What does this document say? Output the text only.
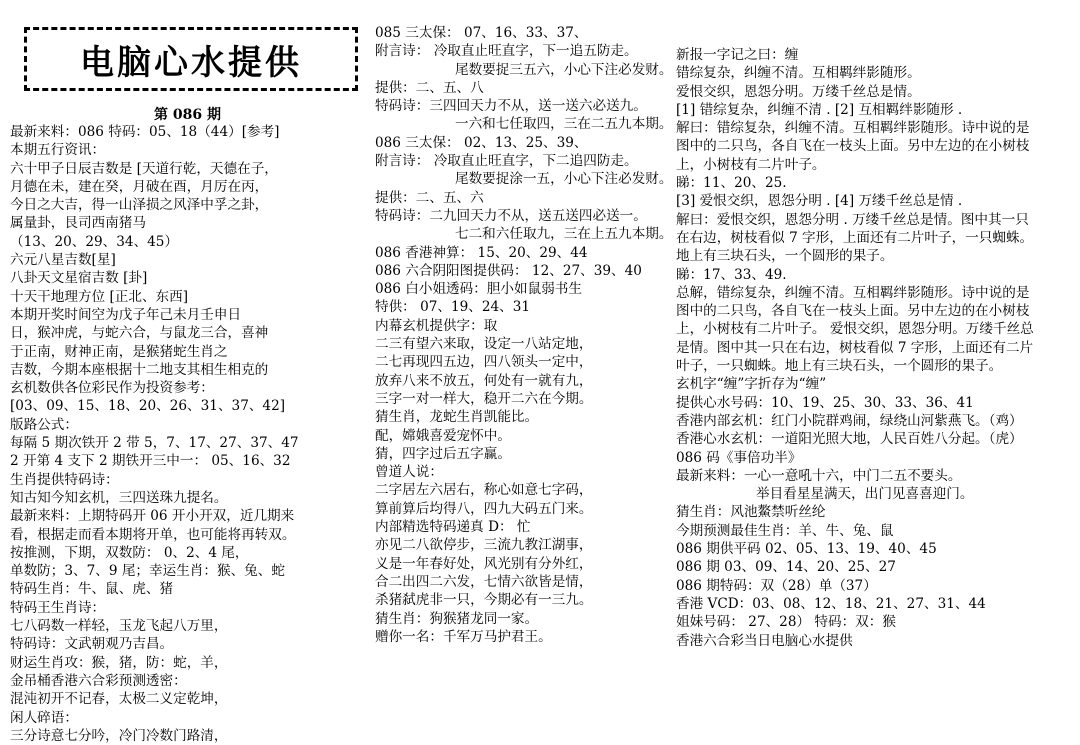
电脑心水提供
第 086 期
最新来料：086 特码：05、18（44）[参考]
本期五行资讯：
六十甲子日辰吉数是 [天道行乾，天德在子，
月德在未，建在癸，月破在酉，月厉在丙，
今日之大吉，得一山泽损之风泽中孚之卦，
属量卦，艮司西南猪马
（13、20、29、34、45）
六元八星吉数[星]
八卦天文星宿吉数 [卦]
十天干地理方位 [正北、东西]
本期开奖时间空为戊子年己未月壬申日
日，猴冲虎，与蛇六合，与鼠龙三合，喜神
于正南，财神正南，是猴猪蛇生肖之
吉数，今期本座根据十二地支其相生相克的
玄机数供各位彩民作为投资参考：
[03、09、15、18、20、26、31、37、42]
版路公式：
每隔 5 期次铁开 2 带 5，7、17、27、37、47
2 开第 4 支下 2 期铁开三中一： 05、16、32
生肖提供特码诗：
知古知今知玄机，三四送珠九提名。
最新来料：上期特码开 06 开小开双，近几期来
看，根据走而看本期将开单，也可能将再转双。
按推测，下期，双数防： 0、2、4 尾，
单数防；3、7、9 尾；幸运生肖：猴、兔、蛇
特码生肖：牛、鼠、虎、猪
特码王生肖诗：
七八码数一样轻，玉龙飞起八万里，
特码诗：文武朝观乃吉昌。
财运生肖攻：猴，猪，防：蛇，羊，
金吊桶香港六合彩预测透密：
混沌初开不记春，太极二义定乾坤，
闲人碎语：
三分诗意七分吟，冷门冷数门路清，
085 三太保： 07、16、33、37、
附言诗： 冷取直止旺直字，下一追五防走。
尾数要捉三五六，小心下注必发财。
提供：二、五、八
特码诗：三四回天力不从，送一送六必送九。
一六和七任取四，三在二五九本期。
086 三太保： 02、13、25、39、
附言诗： 冷取直止旺直字，下二追四防走。
尾数要捉涂一五，小心下注必发财。
提供：二、五、六
特码诗：二九回天力不从，送五送四必送一。
七二和六任取九，三在上五九本期。
086 香港神算： 15、20、29、44
086 六合阴阳图提供码： 12、27、39、40
086 白小姐透码：胆小如鼠弱书生
特供： 07、19、24、31
内幕玄机提供字：取
二三有望六来取，设定一八站定地，
二七再现四五边，四八领头一定中，
放弃八来不放五，何处有一就有九，
三字一对一样大，稳开二六在今期。
猜生肖，龙蛇生肖凯能比。
配，嫦娥喜爱宠怀中。
猜，四字过后五字赢。
曾道人说：
二字居左六居右，称心如意七字码，
算前算后均得八，四九大码五门来。
内部精选特码递真 D： 忙
亦见二八欲停步，三流九教江湖事，
义是一年春好处，风光别有分外红，
合二出四二六发，七情六欲皆是情，
杀猪弑虎非一只，今期必有一三九。
猜生肖：狗猴猪龙同一家。
赠你一名：千军万马护君王。
新报一字记之曰：缠
错综复杂，纠缠不清。互相羁绊影随形。
爱恨交织，恩怨分明。万缕千丝总是情。
[1] 错综复杂，纠缠不清 . [2] 互相羁绊影随形 .
解曰：错综复杂，纠缠不清。互相羁绊影随形。诗中说的是
图中的二只鸟，各自飞在一枝头上面。另中左边的在小树枝
上，小树枝有二片叶子。
睇：11、20、25.
[3] 爱恨交织，恩怨分明 . [4] 万缕千丝总是情 .
解曰：爱恨交织，恩怨分明 . 万缕千丝总是情。图中其一只
在右边，树枝看似 7 字形，上面还有二片叶子，一只蜘蛛。
地上有三块石头，一个圆形的果子。
睇：17、33、49.
总解，错综复杂，纠缠不清。互相羁绊影随形。诗中说的是
图中的二只鸟，各自飞在一枝头上面。另中左边的在小树枝
上，小树枝有二片叶子。 爱恨交织，恩怨分明。万缕千丝总
是情。图中其一只在右边，树枝看似 7 字形，上面还有二片
叶子，一只蜘蛛。地上有三块石头，一个圆形的果子。
玄机字“缠”字折存为“缠”
提供心水号码：10、19、25、30、33、36、41
香港内部玄机：红门小院群鸡闹，绿绕山河紫燕飞。（鸡）
香港心水玄机：一道阳光照大地，人民百姓八分起。（虎）
086 码《事倍功半》
最新来料：一心一意吼十六，中门二五不要头。
举目看星星满天，出门见喜喜迎门。
猜生肖：风池鰲禁听丝纶
今期预测最佳生肖：羊、牛、兔、鼠
086 期供平码 02、05、13、19、40、45
086 期 03、09、14、20、25、27
086 期特码：双（28）单（37）
香港 VCD：03、08、12、18、21、27、31、44
姐妹号码： 27、28） 特码：双：猴
香港六合彩当日电脑心水提供
